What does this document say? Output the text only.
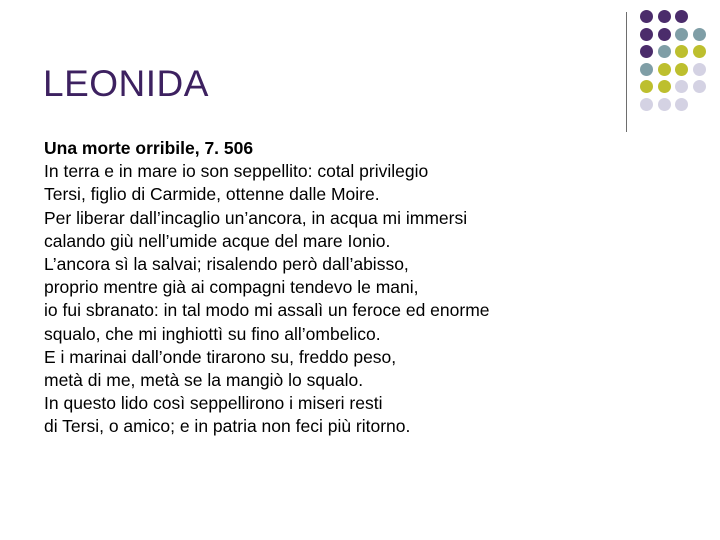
LEONIDA
Una morte orribile, 7. 506
In terra e in mare io son seppellito: cotal privilegio
Tersi, figlio di Carmide, ottenne dalle Moire.
Per liberar dall’incaglio un’ancora, in acqua mi immersi
calando giù nell’umide acque del mare Ionio.
L’ancora sì la salvai; risalendo però dall’abisso,
proprio mentre già ai compagni tendevo le mani,
io fui sbranato: in tal modo mi assalì un feroce ed enorme
squalo, che mi inghiottì su fino all’ombelico.
E i marinai dall’onde tirarono su, freddo peso,
metà di me, metà se la mangiò lo squalo.
In questo lido così seppellirono i miseri resti
di Tersi, o amico; e in patria non feci più ritorno.
